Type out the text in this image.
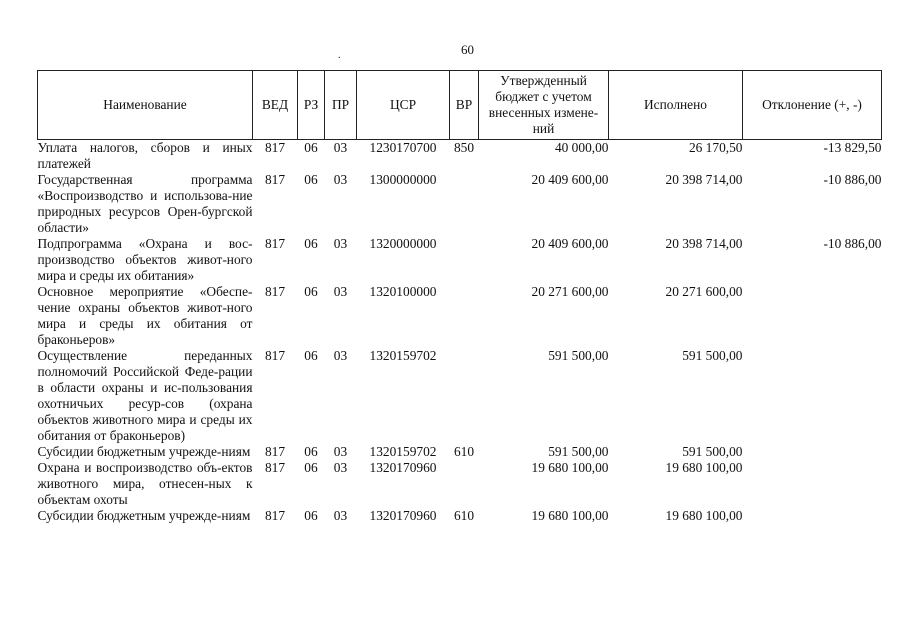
60
.
Наименование	ВЕД	РЗ	ПР	ЦСР	ВР	Утвержденный бюджет с учетом внесенных измене-ний	Исполнено	Отклонение (+, -)
Уплата налогов, сборов и иных платежей	817	06	03	1230170700	850	40 000,00	26 170,50	-13 829,50
Государственная программа «Воспроизводство и использова-ние природных ресурсов Орен-бургской области»	817	06	03	1300000000		20 409 600,00	20 398 714,00	-10 886,00
Подпрограмма «Охрана и вос-производство объектов живот-ного мира и среды их обитания»	817	06	03	1320000000		20 409 600,00	20 398 714,00	-10 886,00
Основное мероприятие «Обеспе-чение охраны объектов живот-ного мира и среды их обитания от браконьеров»	817	06	03	1320100000		20 271 600,00	20 271 600,00	
Осуществление переданных полномочий Российской Феде-рации в области охраны и ис-пользования охотничьих ресур-сов (охрана объектов животного мира и среды их обитания от браконьеров)	817	06	03	1320159702		591 500,00	591 500,00	
Субсидии бюджетным учрежде-ниям	817	06	03	1320159702	610	591 500,00	591 500,00	
Охрана и воспроизводство объ-ектов животного мира, отнесен-ных к объектам охоты	817	06	03	1320170960		19 680 100,00	19 680 100,00	
Субсидии бюджетным учрежде-ниям	817	06	03	1320170960	610	19 680 100,00	19 680 100,00	
